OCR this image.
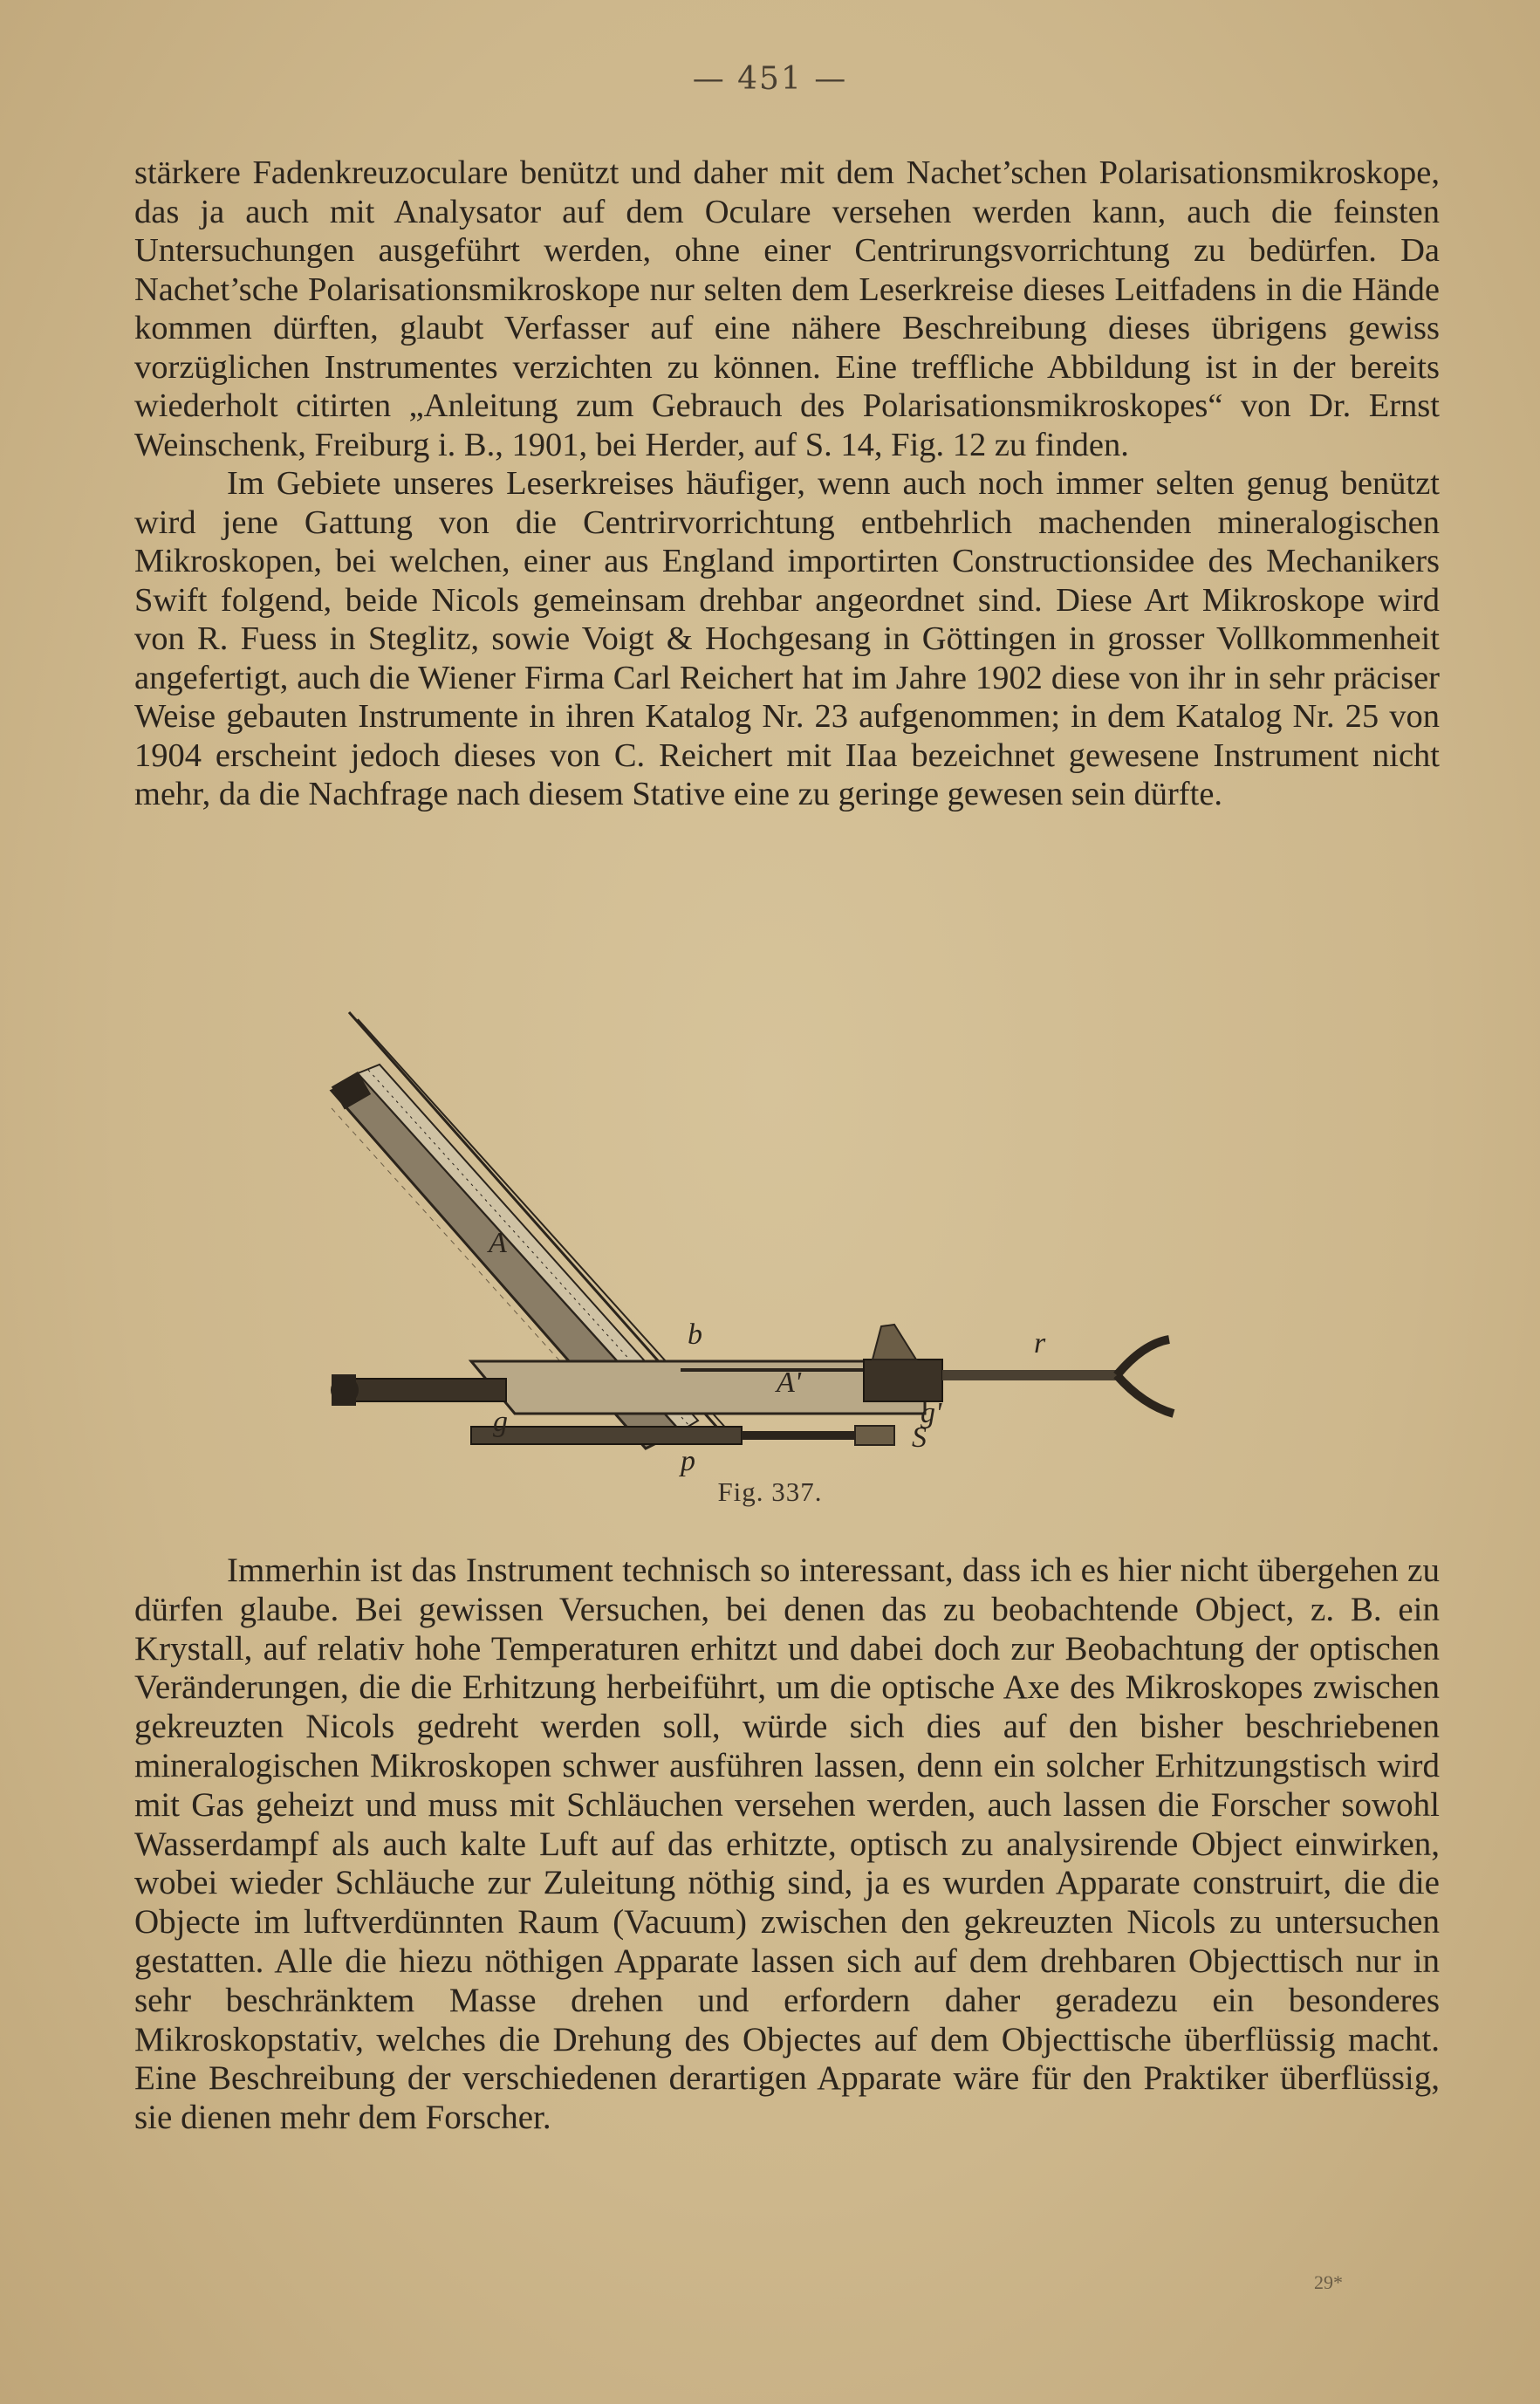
— 451 —

stärkere Fadenkreuzoculare benützt und daher mit dem Nachet’schen Polarisationsmikroskope, das ja auch mit Analysator auf dem Oculare versehen werden kann, auch die feinsten Untersuchungen ausgeführt werden, ohne einer Centrirungsvorrichtung zu bedürfen. Da Nachet’sche Polarisationsmikroskope nur selten dem Leserkreise dieses Leitfadens in die Hände kommen dürften, glaubt Verfasser auf eine nähere Beschreibung dieses übrigens gewiss vorzüglichen Instrumentes verzichten zu können. Eine treffliche Abbildung ist in der bereits wiederholt citirten „Anleitung zum Gebrauch des Polarisationsmikroskopes“ von Dr. Ernst Weinschenk, Freiburg i. B., 1901, bei Herder, auf S. 14, Fig. 12 zu finden.

Im Gebiete unseres Leserkreises häufiger, wenn auch noch immer selten genug benützt wird jene Gattung von die Centrirvorrichtung entbehrlich machenden mineralogischen Mikroskopen, bei welchen, einer aus England importirten Constructionsidee des Mechanikers Swift folgend, beide Nicols gemeinsam drehbar angeordnet sind. Diese Art Mikroskope wird von R. Fuess in Steglitz, sowie Voigt & Hochgesang in Göttingen in grosser Vollkommenheit angefertigt, auch die Wiener Firma Carl Reichert hat im Jahre 1902 diese von ihr in sehr präciser Weise gebauten Instrumente in ihren Katalog Nr. 23 aufgenommen; in dem Katalog Nr. 25 von 1904 erscheint jedoch dieses von C. Reichert mit IIaa bezeichnet gewesene Instrument nicht mehr, da die Nachfrage nach diesem Stative eine zu geringe gewesen sein dürfte.

A
b
A'
r
g'
g
p
S
Fig. 337.

Immerhin ist das Instrument technisch so interessant, dass ich es hier nicht übergehen zu dürfen glaube. Bei gewissen Versuchen, bei denen das zu beobachtende Object, z. B. ein Krystall, auf relativ hohe Temperaturen erhitzt und dabei doch zur Beobachtung der optischen Veränderungen, die die Erhitzung herbeiführt, um die optische Axe des Mikroskopes zwischen gekreuzten Nicols gedreht werden soll, würde sich dies auf den bisher beschriebenen mineralogischen Mikroskopen schwer ausführen lassen, denn ein solcher Erhitzungstisch wird mit Gas geheizt und muss mit Schläuchen versehen werden, auch lassen die Forscher sowohl Wasserdampf als auch kalte Luft auf das erhitzte, optisch zu analysirende Object einwirken, wobei wieder Schläuche zur Zuleitung nöthig sind, ja es wurden Apparate construirt, die die Objecte im luftverdünnten Raum (Vacuum) zwischen den gekreuzten Nicols zu untersuchen gestatten. Alle die hiezu nöthigen Apparate lassen sich auf dem drehbaren Objecttisch nur in sehr beschränktem Masse drehen und erfordern daher geradezu ein besonderes Mikroskopstativ, welches die Drehung des Objectes auf dem Objecttische überflüssig macht. Eine Beschreibung der verschiedenen derartigen Apparate wäre für den Praktiker überflüssig, sie dienen mehr dem Forscher.

29*
